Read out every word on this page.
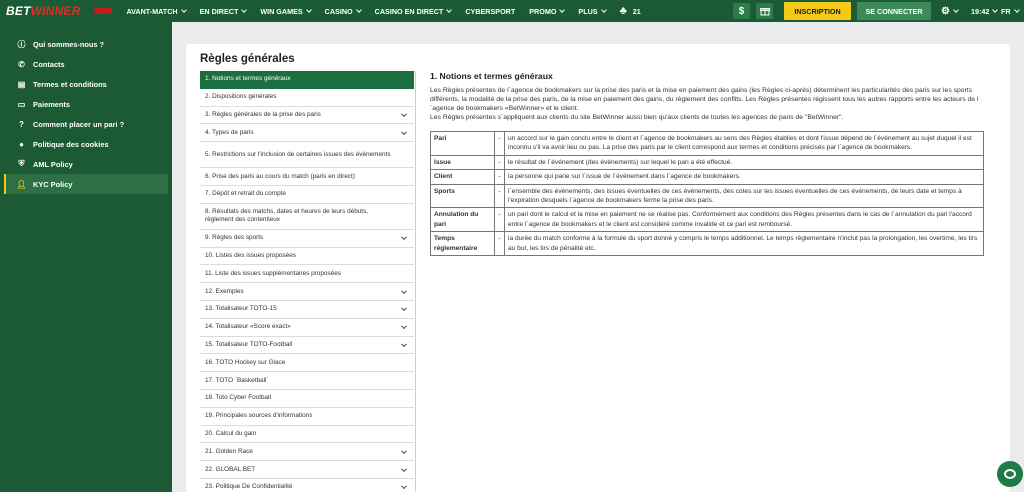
BETWINNER	AVANT-MATCH	EN DIRECT	WIN GAMES	CASINO	CASINO EN DIRECT	CYBERSPORT PROMO	PLUS ♣ 21	$	INSCRIPTION	SE CONNECTER	⚙	19:42 FR
ⓘ Qui sommes-nous ?
✆ Contacts
▤ Termes et conditions
▭ Paiements
? Comment placer un pari ?
● Politique des cookies
⛨ AML Policy
👤︎ KYC Policy
Règles générales
1. Notions et termes généraux
2. Dispositions générales
3. Règles générales de la prise des paris
4. Types de paris
5. Restrictions sur l'inclusion de certaines issues des événements
6. Prise des paris au cours du match (paris en direct)
7. Dépôt et retrait du compte
8. Résultats des matchs, dates et heures de leurs débuts, règlement des contentieux
9. Règles des sports
10. Listes des issues proposées
11. Liste des issues supplémentaires proposées
12. Exemples
13. Totalisateur TOTO-15
14. Totalisateur «Score exact»
15. Totalisateur TOTO-Football
16. TOTO Hockey sur Glace
17. TOTO `Basketball`
18. Toto Cyber Football
19. Principales sources d'informations
20. Calcul du gain
21. Golden Race
22. GLOBAL BET
23. Politique De Confidentialité
1. Notions et termes généraux

Les Règles présentes de l´agence de bookmakers sur la prise des paris et la mise en paiement des gains (les Règles ci-après) déterminent les particularités des paris sur les sports différents, la modalité de la prise des paris, de la mise en paiement des gains, du règlement des conflits. Les Règles présentes régissent tous les autres rapports entre les acteurs de l´agence de bookmakers «BetWinner» et le client.

Les Règles présentes s´appliquent aux clients du site BetWinner aussi bien qu'aux clients de toutes les agences de paris de "BetWinner".

Pari	-	un accord sur le gain conclu entre le client et l´agence de bookmakers au sens des Règles établies et dont l'issue dépend de l´événement au sujet duquel il est inconnu s'il va avoir lieu ou pas. La prise des paris par le client correspond aux termes et conditions précisés par l´agence de bookmakers.
Issue	-	le résultat de l´événement (des événements) sur lequel le pari a été effectué.
Client	-	la personne qui parie sur l´issue de l´événement dans l´agence de bookmakers.
Sports	-	l´ensemble des événements, des issues éventuelles de ces événements, des cotes sur les issues éventuelles de ces événements, de leurs date et temps à l'expiration desquels l´agence de bookmakers ferme la prise des paris.
Annulation du pari	-	un pari dont le calcul et la mise en paiement ne se réalise pas. Conformément aux conditions des Règles présentes dans le cas de l´annulation du pari l'accord entre l´agence de bookmakers et le client est considéré comme invalide et ce pari est remboursé.
Temps réglementaire	-	la durée du match conforme à la formule du sport donné y compris le temps additionnel. Le temps réglementaire n'inclut pas la prolongation, les overtime, les tirs au but, les tirs de pénalité etc.
